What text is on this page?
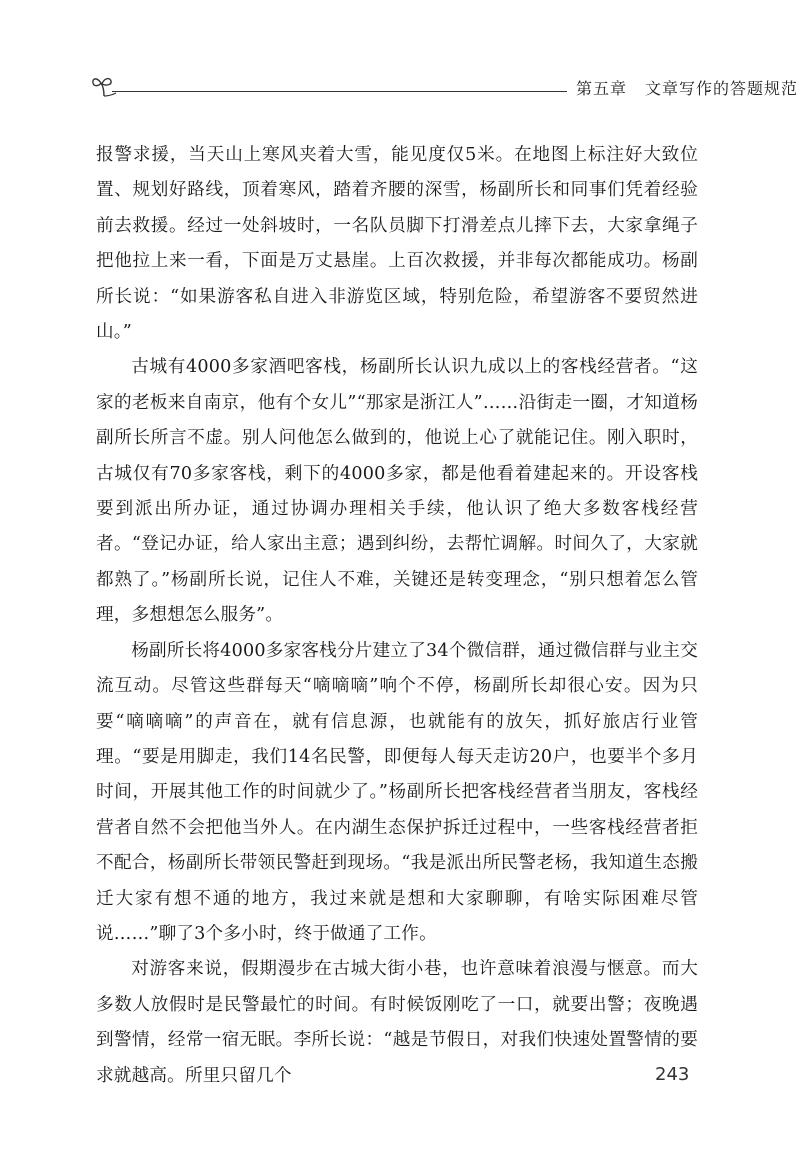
第五章 文章写作的答题规范

报警求援，当天山上寒风夹着大雪，能见度仅5米。在地图上标注好大致位置、规划好路线，顶着寒风，踏着齐腰的深雪，杨副所长和同事们凭着经验前去救援。经过一处斜坡时，一名队员脚下打滑差点儿摔下去，大家拿绳子把他拉上来一看，下面是万丈悬崖。上百次救援，并非每次都能成功。杨副所长说：“如果游客私自进入非游览区域，特别危险，希望游客不要贸然进山。”

古城有4000多家酒吧客栈，杨副所长认识九成以上的客栈经营者。“这家的老板来自南京，他有个女儿”“那家是浙江人”……沿街走一圈，才知道杨副所长所言不虚。别人问他怎么做到的，他说上心了就能记住。刚入职时，古城仅有70多家客栈，剩下的4000多家，都是他看着建起来的。开设客栈要到派出所办证，通过协调办理相关手续，他认识了绝大多数客栈经营者。“登记办证，给人家出主意；遇到纠纷，去帮忙调解。时间久了，大家就都熟了。”杨副所长说，记住人不难，关键还是转变理念，“别只想着怎么管理，多想想怎么服务”。

杨副所长将4000多家客栈分片建立了34个微信群，通过微信群与业主交流互动。尽管这些群每天“嘀嘀嘀”响个不停，杨副所长却很心安。因为只要“嘀嘀嘀”的声音在，就有信息源，也就能有的放矢，抓好旅店行业管理。“要是用脚走，我们14名民警，即便每人每天走访20户，也要半个多月时间，开展其他工作的时间就少了。”杨副所长把客栈经营者当朋友，客栈经营者自然不会把他当外人。在内湖生态保护拆迁过程中，一些客栈经营者拒不配合，杨副所长带领民警赶到现场。“我是派出所民警老杨，我知道生态搬迁大家有想不通的地方，我过来就是想和大家聊聊，有啥实际困难尽管说……”聊了3个多小时，终于做通了工作。

对游客来说，假期漫步在古城大街小巷，也许意味着浪漫与惬意。而大多数人放假时是民警最忙的时间。有时候饭刚吃了一口，就要出警；夜晚遇到警情，经常一宿无眠。李所长说：“越是节假日，对我们快速处置警情的要求就越高。所里只留几个	243
